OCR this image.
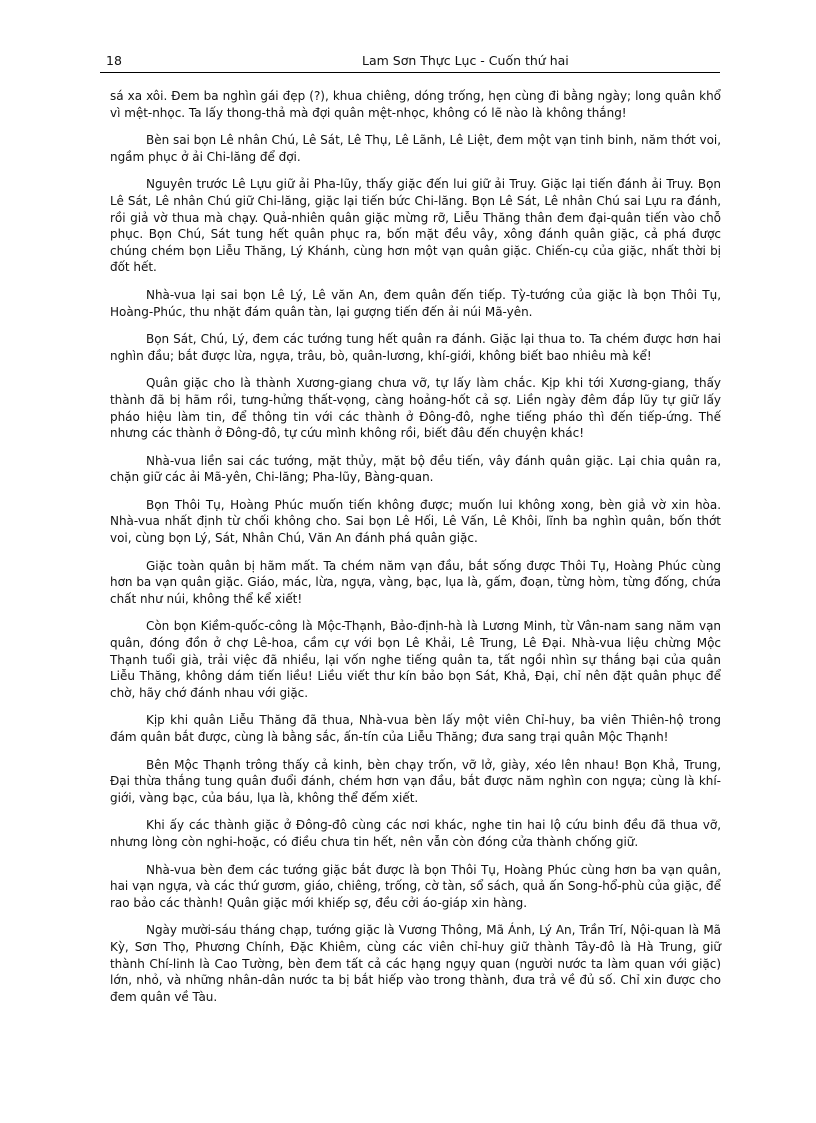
18	Lam Sơn Thực Lục - Cuốn thứ hai

sá xa xôi. Đem ba nghìn gái đẹp (?), khua chiêng, dóng trống, hẹn cùng đi bằng ngày; long quân khổ vì mệt-nhọc. Ta lấy thong-thả mà đợi quân mệt-nhọc, không có lẽ nào là không thắng!

Bèn sai bọn Lê nhân Chú, Lê Sát, Lê Thụ, Lê Lãnh, Lê Liệt, đem một vạn tinh binh, năm thớt voi, ngầm phục ở ải Chi-lăng để đợi.

Nguyên trước Lê Lựu giữ ải Pha-lũy, thấy giặc đến lui giữ ải Truy. Giặc lại tiến đánh ải Truy. Bọn Lê Sát, Lê nhân Chú giữ Chi-lăng, giặc lại tiến bức Chi-lăng. Bọn Lê Sát, Lê nhân Chú sai Lựu ra đánh, rồi giả vờ thua mà chạy. Quả-nhiên quân giặc mừng rỡ, Liễu Thăng thân đem đại-quân tiến vào chỗ phục. Bọn Chú, Sát tung hết quân phục ra, bốn mặt đều vây, xông đánh quân giặc, cả phá được chúng chém bọn Liễu Thăng, Lý Khánh, cùng hơn một vạn quân giặc. Chiến-cụ của giặc, nhất thời bị đốt hết.

Nhà-vua lại sai bọn Lê Lý, Lê văn An, đem quân đến tiếp. Tỳ-tướng của giặc là bọn Thôi Tụ, Hoàng-Phúc, thu nhặt đám quân tàn, lại gượng tiến đến ải núi Mã-yên.

Bọn Sát, Chú, Lý, đem các tướng tung hết quân ra đánh. Giặc lại thua to. Ta chém được hơn hai nghìn đầu; bắt được lừa, ngựa, trâu, bò, quân-lương, khí-giới, không biết bao nhiêu mà kể!

Quân giặc cho là thành Xương-giang chưa vỡ, tự lấy làm chắc. Kịp khi tới Xương-giang, thấy thành đã bị hãm rồi, tưng-hửng thất-vọng, càng hoảng-hốt cả sợ. Liền ngày đêm đắp lũy tự giữ lấy pháo hiệu làm tin, để thông tin với các thành ở Đông-đô, nghe tiếng pháo thì đến tiếp-ứng. Thế nhưng các thành ở Đông-đô, tự cứu mình không rồi, biết đâu đến chuyện khác!

Nhà-vua liền sai các tướng, mặt thủy, mặt bộ đều tiến, vây đánh quân giặc. Lại chia quân ra, chặn giữ các ải Mã-yên, Chi-lăng; Pha-lũy, Bàng-quan.

Bọn Thôi Tụ, Hoàng Phúc muốn tiến không được; muốn lui không xong, bèn giả vờ xin hòa. Nhà-vua nhất định từ chối không cho. Sai bọn Lê Hối, Lê Vấn, Lê Khôi, lĩnh ba nghìn quân, bốn thớt voi, cùng bọn Lý, Sát, Nhân Chú, Văn An đánh phá quân giặc.

Giặc toàn quân bị hãm mất. Ta chém năm vạn đầu, bắt sống được Thôi Tụ, Hoàng Phúc cùng hơn ba vạn quân giặc. Giáo, mác, lừa, ngựa, vàng, bạc, lụa là, gấm, đoạn, từng hòm, từng đống, chứa chất như núi, không thể kể xiết!

Còn bọn Kiềm-quốc-công là Mộc-Thạnh, Bảo-định-hà là Lương Minh, từ Vân-nam sang năm vạn quân, đóng đồn ở chợ Lê-hoa, cầm cự với bọn Lê Khải, Lê Trung, Lê Đại. Nhà-vua liệu chừng Mộc Thạnh tuổi già, trải việc đã nhiều, lại vốn nghe tiếng quân ta, tất ngồi nhìn sự thắng bại của quân Liễu Thăng, không dám tiến liều! Liều viết thư kín bảo bọn Sát, Khả, Đại, chỉ nên đặt quân phục để chờ, hãy chớ đánh nhau với giặc.

Kịp khi quân Liễu Thăng đã thua, Nhà-vua bèn lấy một viên Chỉ-huy, ba viên Thiên-hộ trong đám quân bắt được, cùng là bằng sắc, ấn-tín của Liễu Thăng; đưa sang trại quân Mộc Thạnh!

Bên Mộc Thạnh trông thấy cả kinh, bèn chạy trốn, vỡ lở, giày, xéo lên nhau! Bọn Khả, Trung, Đại thừa thắng tung quân đuổi đánh, chém hơn vạn đầu, bắt được năm nghìn con ngựa; cùng là khí-giới, vàng bạc, của báu, lụa là, không thể đếm xiết.

Khi ấy các thành giặc ở Đông-đô cùng các nơi khác, nghe tin hai lộ cứu binh đều đã thua vỡ, nhưng lòng còn nghi-hoặc, có điều chưa tin hết, nên vẫn còn đóng cửa thành chống giữ.

Nhà-vua bèn đem các tướng giặc bắt được là bọn Thôi Tụ, Hoàng Phúc cùng hơn ba vạn quân, hai vạn ngựa, và các thứ gươm, giáo, chiêng, trống, cờ tàn, sổ sách, quả ấn Song-hổ-phù của giặc, để rao bảo các thành! Quân giặc mới khiếp sợ, đều cởi áo-giáp xin hàng.

Ngày mười-sáu tháng chạp, tướng giặc là Vương Thông, Mã Ánh, Lý An, Trần Trí, Nội-quan là Mã Kỳ, Sơn Thọ, Phương Chính, Đặc Khiêm, cùng các viên chỉ-huy giữ thành Tây-đô là Hà Trung, giữ thành Chí-linh là Cao Tường, bèn đem tất cả các hạng ngụy quan (người nước ta làm quan với giặc) lớn, nhỏ, và những nhân-dân nước ta bị bắt hiếp vào trong thành, đưa trả về đủ số. Chỉ xin được cho đem quân về Tàu.
